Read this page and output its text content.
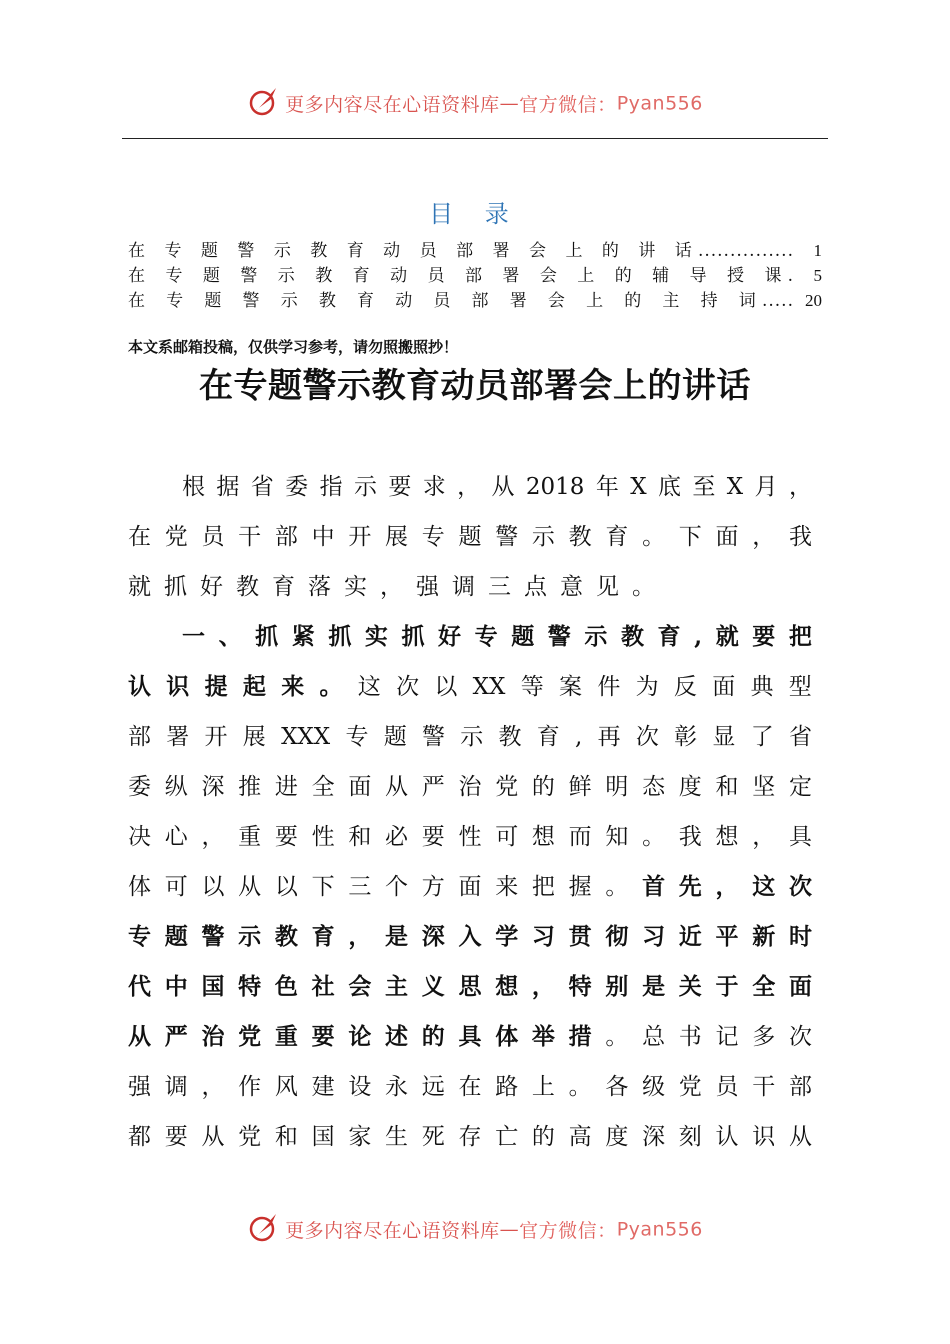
更多内容尽在心语资料库—官方微信：Pyan556
目 录
在 专 题 警 示 教 育 动 员 部 署 会 上 的 讲 话 ...............	1
在 专 题 警 示 教 育 动 员 部 署 会 上 的 辅 导 授 课 .	5
在 专 题 警 示 教 育 动 员 部 署 会 上 的 主 持 词 ..... 20
本文系邮箱投稿，仅供学习参考，请勿照搬照抄！
在专题警示教育动员部署会上的讲话
根 据 省 委 指 示 要 求 ， 从 2018 年 X 底 至 X 月 ，
在 党 员 干 部 中 开 展 专 题 警 示 教 育 。 下 面 ， 我
就 抓 好 教 育 落 实 ， 强 调 三 点 意 见 。
一 、 抓 紧 抓 实 抓 好 专 题 警 示 教 育 , 就 要 把
认 识 提 起 来 。 这 次 以 XX 等 案 件 为 反 面 典 型
部 署 开 展 XXX 专 题 警 示 教 育 , 再 次 彰 显 了 省
委 纵 深 推 进 全 面 从 严 治 党 的 鲜 明 态 度 和 坚 定
决 心 ， 重 要 性 和 必 要 性 可 想 而 知 。 我 想 ， 具
体 可 以 从 以 下 三 个 方 面 来 把 握 。 首 先 ， 这 次
专 题 警 示 教 育 ， 是 深 入 学 习 贯 彻 习 近 平 新 时
代 中 国 特 色 社 会 主 义 思 想 ， 特 别 是 关 于 全 面
从 严 治 党 重 要 论 述 的 具 体 举 措 。 总 书 记 多 次
强 调 ， 作 风 建 设 永 远 在 路 上 。 各 级 党 员 干 部
都 要 从 党 和 国 家 生 死 存 亡 的 高 度 深 刻 认 识 从
更多内容尽在心语资料库—官方微信：Pyan556
